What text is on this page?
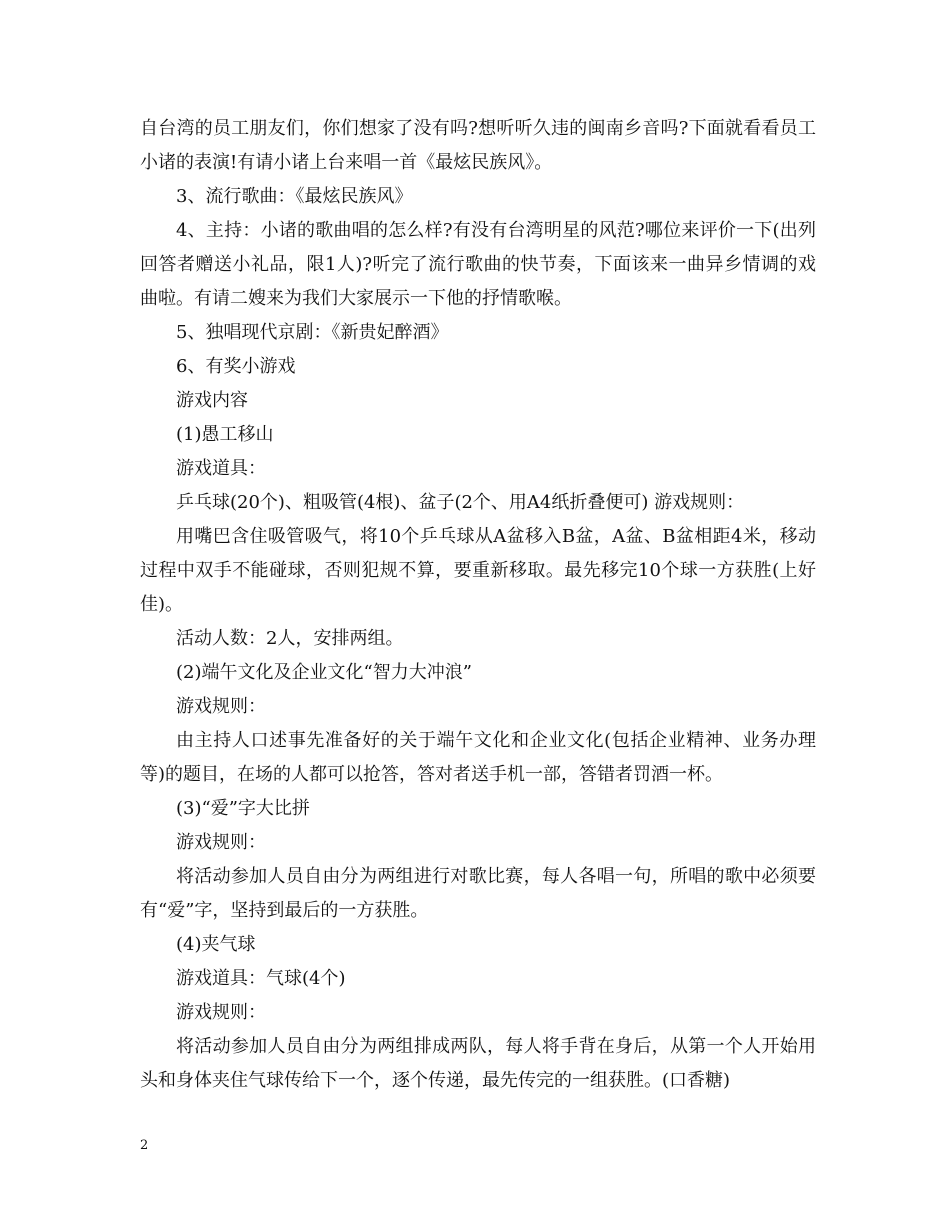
自台湾的员工朋友们，你们想家了没有吗?想听听久违的闽南乡音吗?下面就看看员工小诸的表演!有请小诸上台来唱一首《最炫民族风》。

3、流行歌曲：《最炫民族风》

4、主持：小诸的歌曲唱的怎么样?有没有台湾明星的风范?哪位来评价一下(出列回答者赠送小礼品，限1人)?听完了流行歌曲的快节奏，下面该来一曲异乡情调的戏曲啦。有请二嫂来为我们大家展示一下他的抒情歌喉。

5、独唱现代京剧：《新贵妃醉酒》

6、有奖小游戏

游戏内容

(1)愚工移山

游戏道具：

乒乓球(20个)、粗吸管(4根)、盆子(2个、用A4纸折叠便可) 游戏规则：

用嘴巴含住吸管吸气，将10个乒乓球从A盆移入B盆，A盆、B盆相距4米，移动过程中双手不能碰球，否则犯规不算，要重新移取。最先移完10个球一方获胜(上好佳)。

活动人数：2人，安排两组。

(2)端午文化及企业文化“智力大冲浪”

游戏规则：

由主持人口述事先准备好的关于端午文化和企业文化(包括企业精神、业务办理等)的题目，在场的人都可以抢答，答对者送手机一部，答错者罚酒一杯。

(3)“爱”字大比拼

游戏规则：

将活动参加人员自由分为两组进行对歌比赛，每人各唱一句，所唱的歌中必须要有“爱”字，坚持到最后的一方获胜。

(4)夹气球

游戏道具：气球(4个)

游戏规则：

将活动参加人员自由分为两组排成两队，每人将手背在身后，从第一个人开始用头和身体夹住气球传给下一个，逐个传递，最先传完的一组获胜。(口香糖)

2
